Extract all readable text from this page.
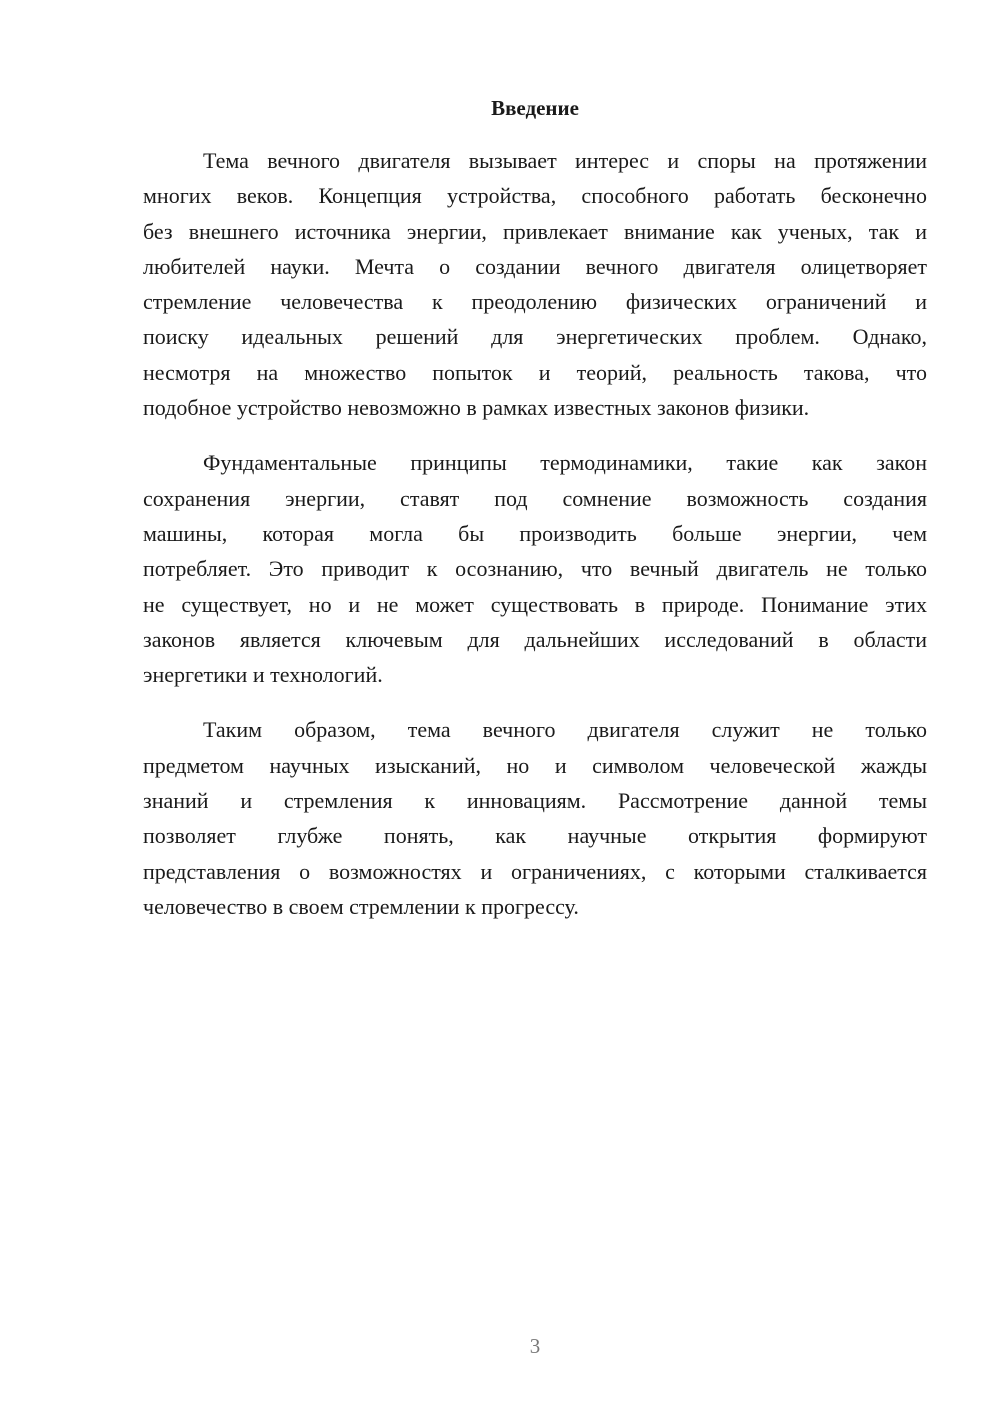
Введение
Тема вечного двигателя вызывает интерес и споры на протяжении
многих веков. Концепция устройства, способного работать бесконечно
без внешнего источника энергии, привлекает внимание как ученых, так и
любителей науки. Мечта о создании вечного двигателя олицетворяет
стремление человечества к преодолению физических ограничений и
поиску идеальных решений для энергетических проблем. Однако,
несмотря на множество попыток и теорий, реальность такова, что
подобное устройство невозможно в рамках известных законов физики.
Фундаментальные принципы термодинамики, такие как закон
сохранения энергии, ставят под сомнение возможность создания
машины, которая могла бы производить больше энергии, чем
потребляет. Это приводит к осознанию, что вечный двигатель не только
не существует, но и не может существовать в природе. Понимание этих
законов является ключевым для дальнейших исследований в области
энергетики и технологий.
Таким образом, тема вечного двигателя служит не только
предметом научных изысканий, но и символом человеческой жажды
знаний и стремления к инновациям. Рассмотрение данной темы
позволяет глубже понять, как научные открытия формируют
представления о возможностях и ограничениях, с которыми сталкивается
человечество в своем стремлении к прогрессу.
3
